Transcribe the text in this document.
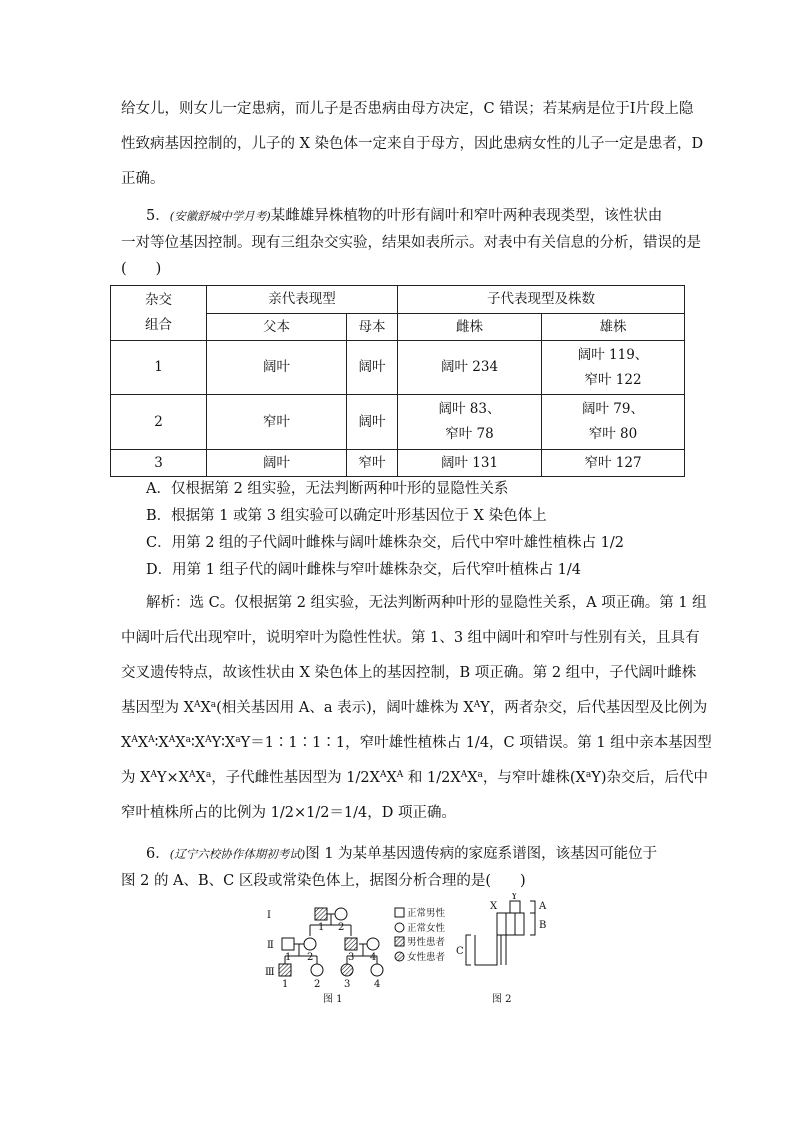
给女儿，则女儿一定患病，而儿子是否患病由母方决定，C 错误；若某病是位于Ⅰ片段上隐
性致病基因控制的，儿子的 X 染色体一定来自于母方，因此患病女性的儿子一定是患者，D
正确。
5．(安徽舒城中学月考)某雌雄异株植物的叶形有阔叶和窄叶两种表现类型，该性状由
一对等位基因控制。现有三组杂交实验，结果如表所示。对表中有关信息的分析，错误的是
(　　)
杂交
组合	亲代表现型		子代表现型及株数	
	父本	母本	雌株	雄株
1	阔叶	阔叶	阔叶 234	阔叶 119、
窄叶 122
2	窄叶	阔叶	阔叶 83、
窄叶 78	阔叶 79、
窄叶 80
3	阔叶	窄叶	阔叶 131	窄叶 127
A．仅根据第 2 组实验，无法判断两种叶形的显隐性关系
B．根据第 1 或第 3 组实验可以确定叶形基因位于 X 染色体上
C．用第 2 组的子代阔叶雌株与阔叶雄株杂交，后代中窄叶雄性植株占 1/2
D．用第 1 组子代的阔叶雌株与窄叶雄株杂交，后代窄叶植株占 1/4
解析：选 C。仅根据第 2 组实验，无法判断两种叶形的显隐性关系，A 项正确。第 1 组
中阔叶后代出现窄叶，说明窄叶为隐性性状。第 1、3 组中阔叶和窄叶与性别有关，且具有
交叉遗传特点，故该性状由 X 染色体上的基因控制，B 项正确。第 2 组中，子代阔叶雌株
基因型为 $X^AX^a$(相关基因用 A、a 表示)，阔叶雄株为 $X^AY$，两者杂交，后代基因型及比例为
$X^AX^A∶X^AX^a∶X^AY∶X^aY=1∶1∶1∶1$，窄叶雄性植株占 1/4，C 项错误。第 1 组中亲本基因型
为 $X^AY\times X^AX^a$，子代雌性基因型为 $1/2X^AX^A$ 和 $1/2X^AX^a$，与窄叶雄株$(X^aY)$杂交后，后代中
窄叶植株所占的比例为 1/2×1/2＝1/4，D 项正确。
6．(辽宁六校协作体期初考试)图 1 为某单基因遗传病的家庭系谱图，该基因可能位于
图 2 的 A、B、C 区段或常染色体上，据图分析合理的是(　　)
Ⅰ
Ⅱ
Ⅲ
1 2
1 2	3 4
1	2 3 4
正常男性
正常女性
男性患者
女性患者
图 1
X
Y
A
B
C
图 2
